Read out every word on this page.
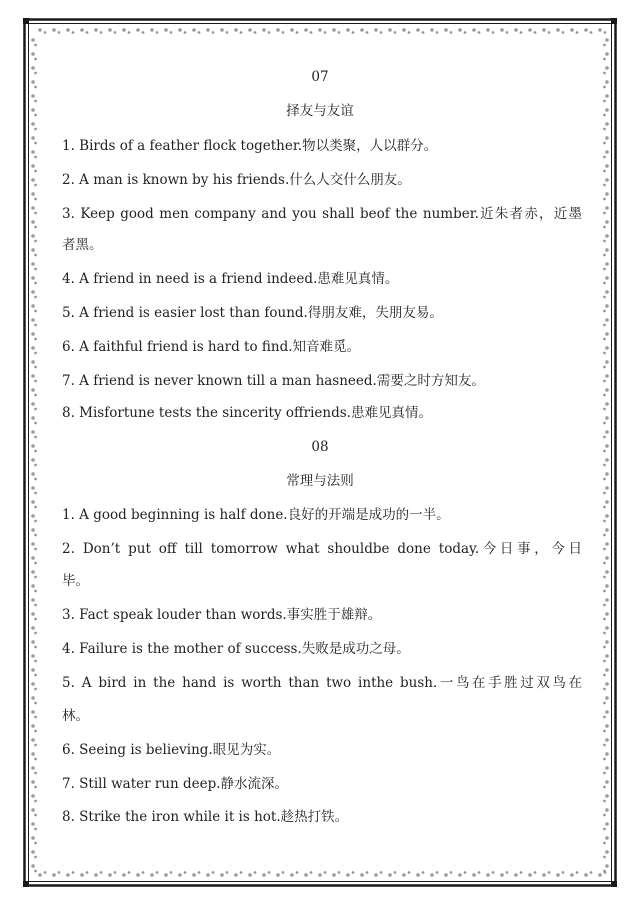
07
择友与友谊
1. Birds of a feather flock together.物以类聚，人以群分。
2. A man is known by his friends.什么人交什么朋友。
3. Keep good men company and you shall beof the number.近朱者赤，近墨
者黑。
4. A friend in need is a friend indeed.患难见真情。
5. A friend is easier lost than found.得朋友难，失朋友易。
6. A faithful friend is hard to find.知音难觅。
7. A friend is never known till a man hasneed.需要之时方知友。
8. Misfortune tests the sincerity offriends.患难见真情。
08
常理与法则
1. A good beginning is half done.良好的开端是成功的一半。
2. Don’t put off till tomorrow what shouldbe done today.今日事，今日
毕。
3. Fact speak louder than words.事实胜于雄辩。
4. Failure is the mother of success.失败是成功之母。
5. A bird in the hand is worth than two inthe bush.一鸟在手胜过双鸟在
林。
6. Seeing is believing.眼见为实。
7. Still water run deep.静水流深。
8. Strike the iron while it is hot.趁热打铁。
